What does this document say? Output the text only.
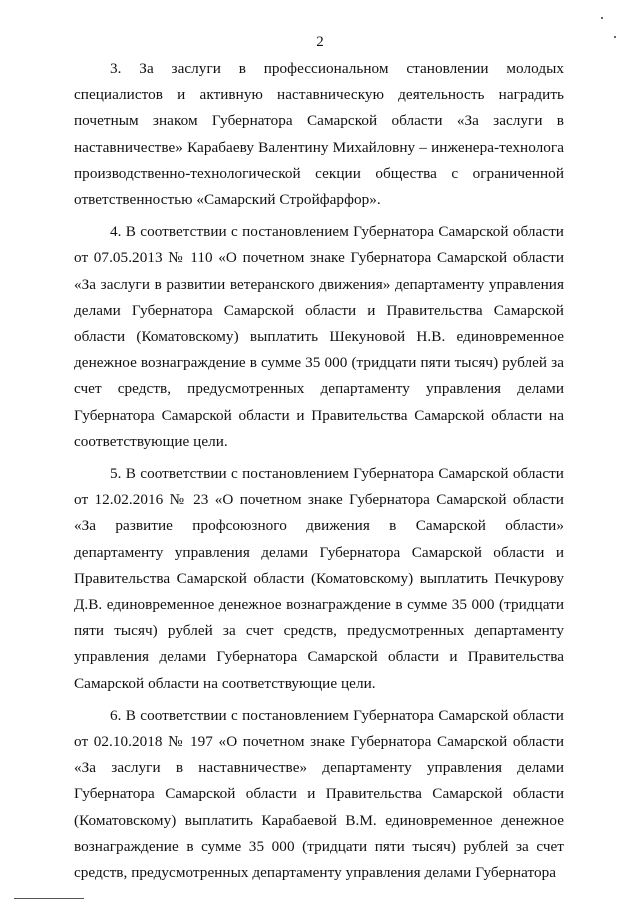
2

3. За заслуги в профессиональном становлении молодых специалистов и активную наставническую деятельность наградить почетным знаком Губернатора Самарской области «За заслуги в наставничестве» Карабаеву Валентину Михайловну – инженера-технолога производственно-технологической секции общества с ограниченной ответственностью «Самарский Стройфарфор».

4. В соответствии с постановлением Губернатора Самарской области от 07.05.2013 № 110 «О почетном знаке Губернатора Самарской области «За заслуги в развитии ветеранского движения» департаменту управления делами Губернатора Самарской области и Правительства Самарской области (Коматовскому) выплатить Шекуновой Н.В. единовременное денежное вознаграждение в сумме 35 000 (тридцати пяти тысяч) рублей за счет средств, предусмотренных департаменту управления делами Губернатора Самарской области и Правительства Самарской области на соответствующие цели.

5. В соответствии с постановлением Губернатора Самарской области от 12.02.2016 № 23 «О почетном знаке Губернатора Самарской области «За развитие профсоюзного движения в Самарской области» департаменту управления делами Губернатора Самарской области и Правительства Самарской области (Коматовскому) выплатить Печкурову Д.В. единовременное денежное вознаграждение в сумме 35 000 (тридцати пяти тысяч) рублей за счет средств, предусмотренных департаменту управления делами Губернатора Самарской области и Правительства Самарской области на соответствующие цели.

6. В соответствии с постановлением Губернатора Самарской области от 02.10.2018 № 197 «О почетном знаке Губернатора Самарской области «За заслуги в наставничестве» департаменту управления делами Губернатора Самарской области и Правительства Самарской области (Коматовскому) выплатить Карабаевой В.М. единовременное денежное вознаграждение в сумме 35 000 (тридцати пяти тысяч) рублей за счет средств, предусмотренных департаменту управления делами Губернатора
